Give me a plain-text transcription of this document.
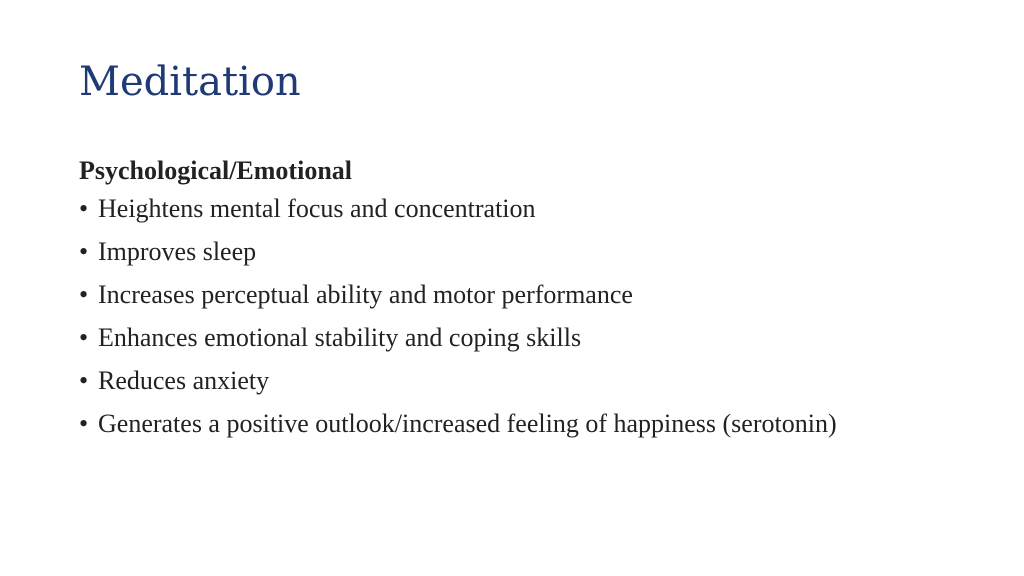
Meditation

Psychological/Emotional

• Heightens mental focus and concentration
• Improves sleep
• Increases perceptual ability and motor performance
• Enhances emotional stability and coping skills
• Reduces anxiety
• Generates a positive outlook/increased feeling of happiness (serotonin)
